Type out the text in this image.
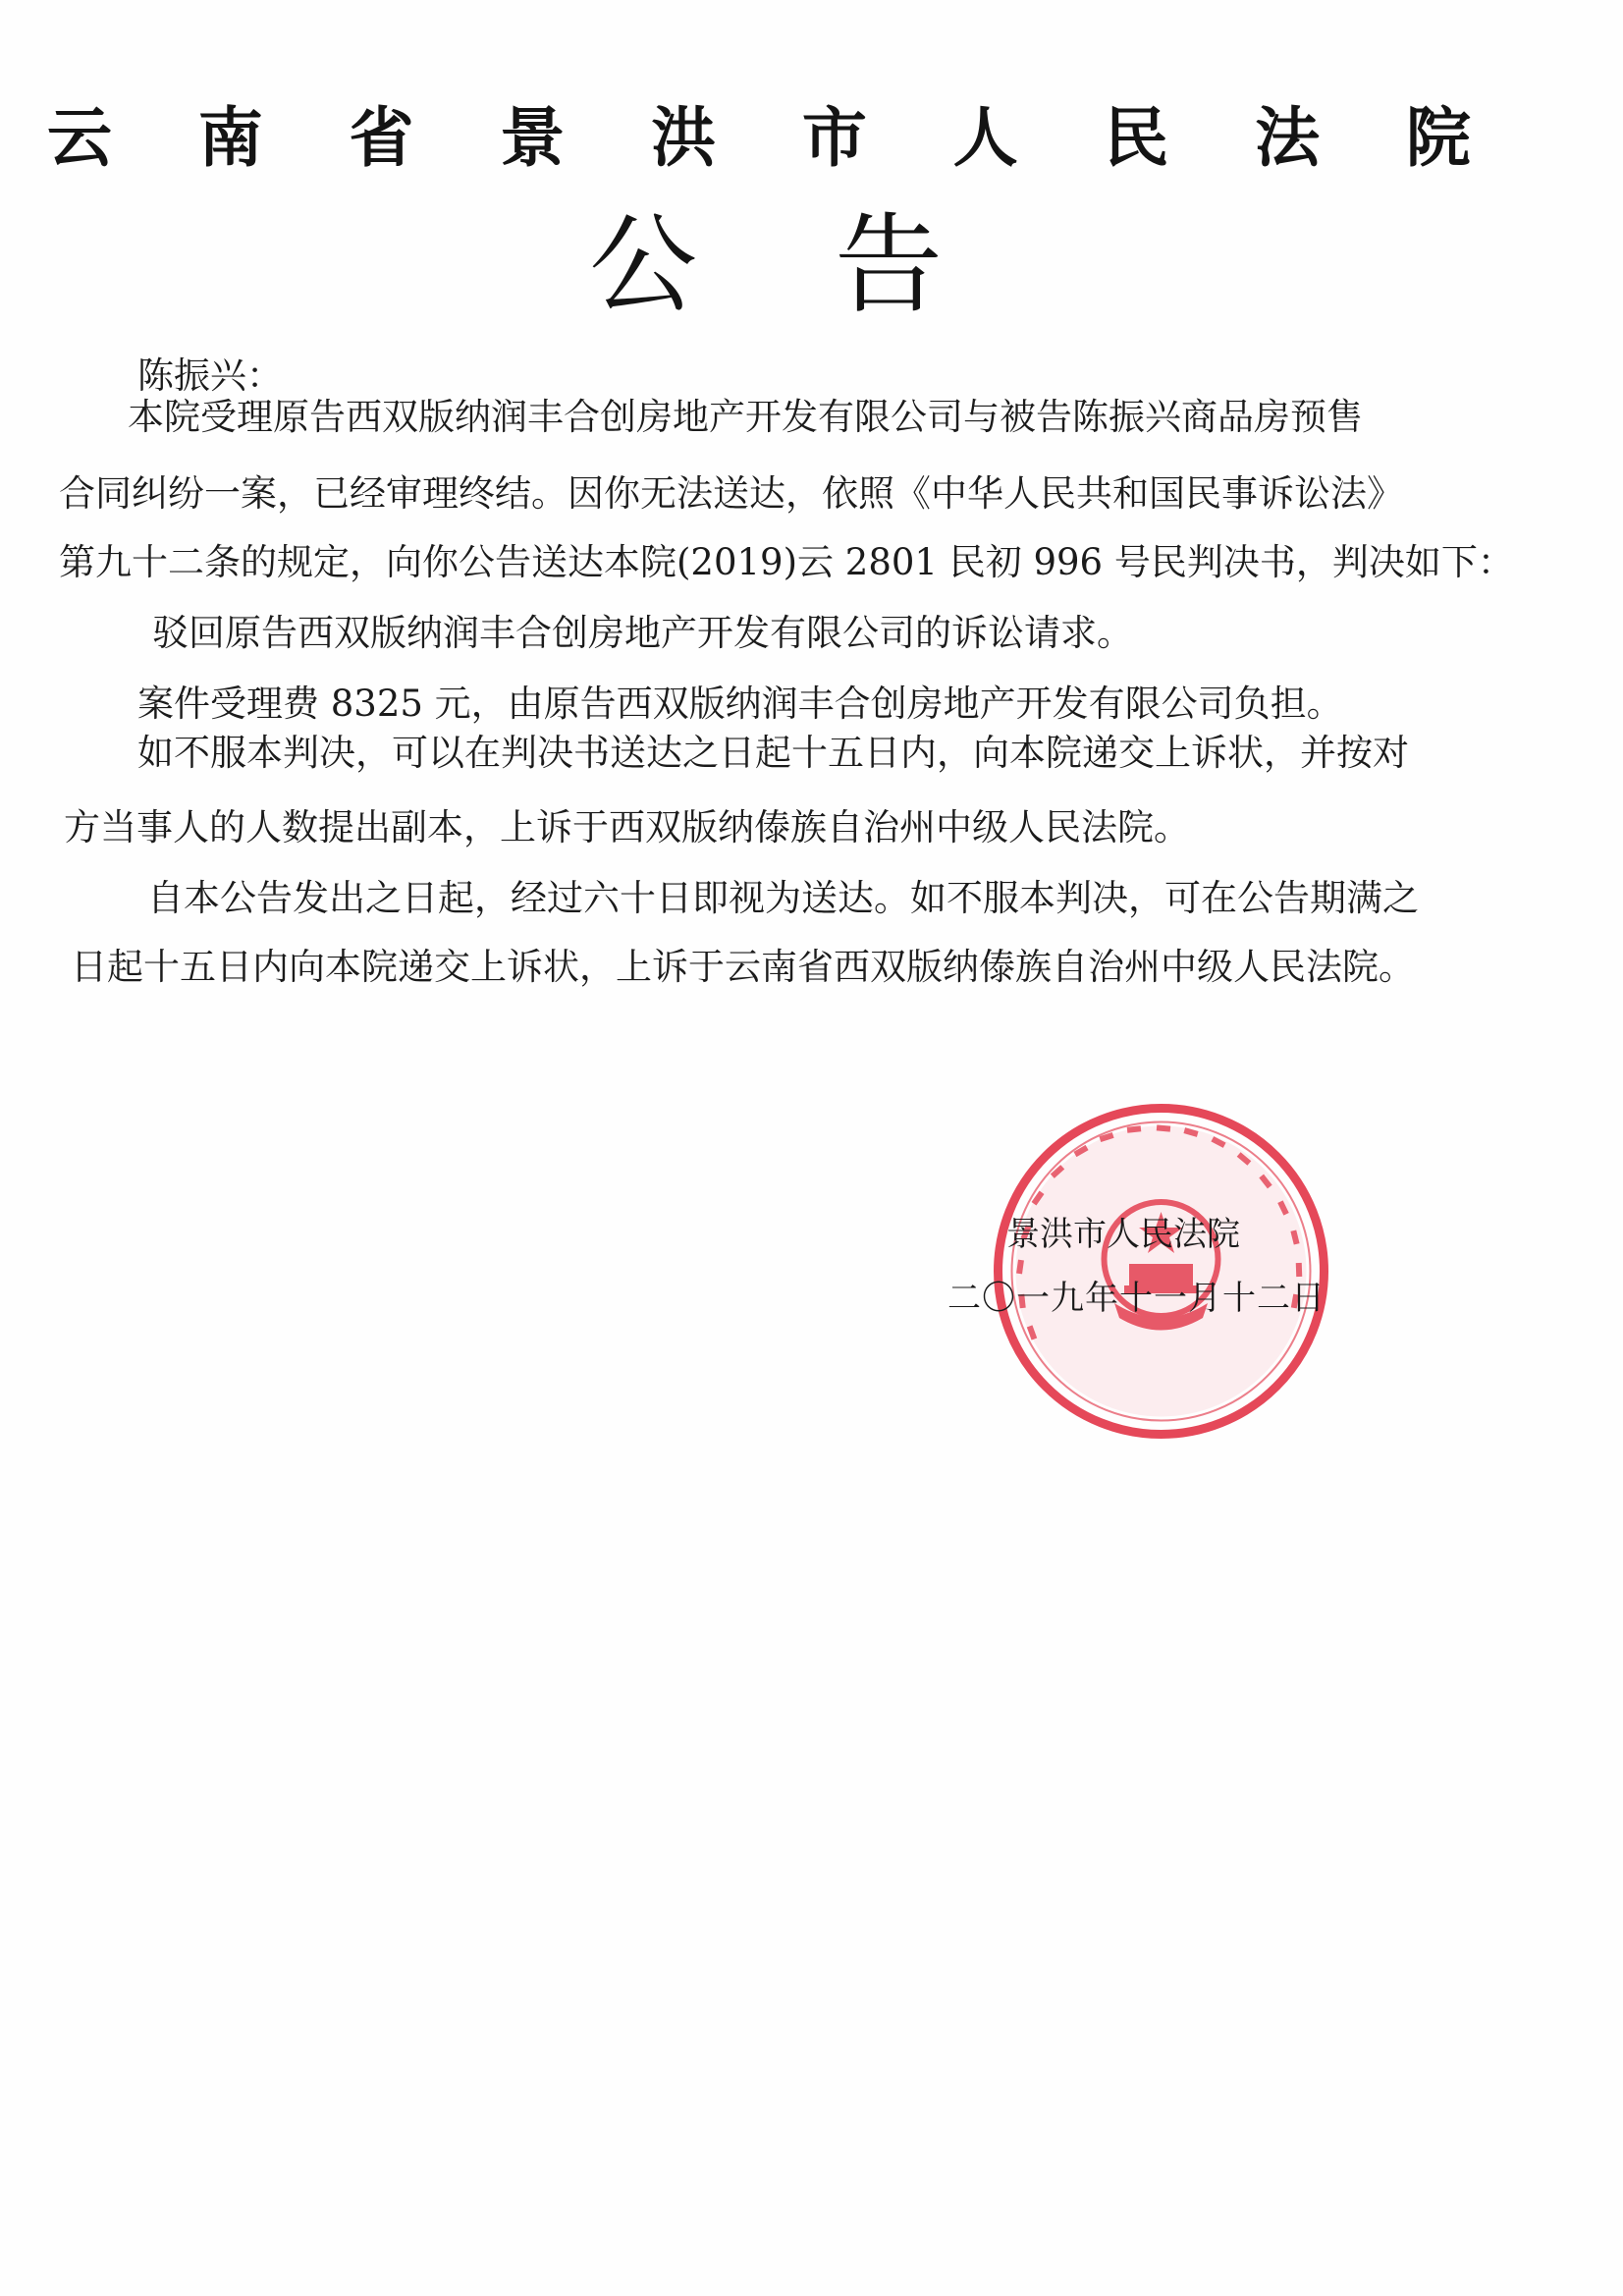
云 南 省 景 洪 市 人 民 法 院
公 告
陈振兴：
本院受理原告西双版纳润丰合创房地产开发有限公司与被告陈振兴商品房预售
合同纠纷一案，已经审理终结。因你无法送达，依照《中华人民共和国民事诉讼法》
第九十二条的规定，向你公告送达本院(2019)云 2801 民初 996 号民判决书，判决如下：
驳回原告西双版纳润丰合创房地产开发有限公司的诉讼请求。
案件受理费 8325 元，由原告西双版纳润丰合创房地产开发有限公司负担。
如不服本判决，可以在判决书送达之日起十五日内，向本院递交上诉状，并按对
方当事人的人数提出副本，上诉于西双版纳傣族自治州中级人民法院。
自本公告发出之日起，经过六十日即视为送达。如不服本判决，可在公告期满之
日起十五日内向本院递交上诉状，上诉于云南省西双版纳傣族自治州中级人民法院。
景洪市人民法院
二〇一九年十一月十二日
